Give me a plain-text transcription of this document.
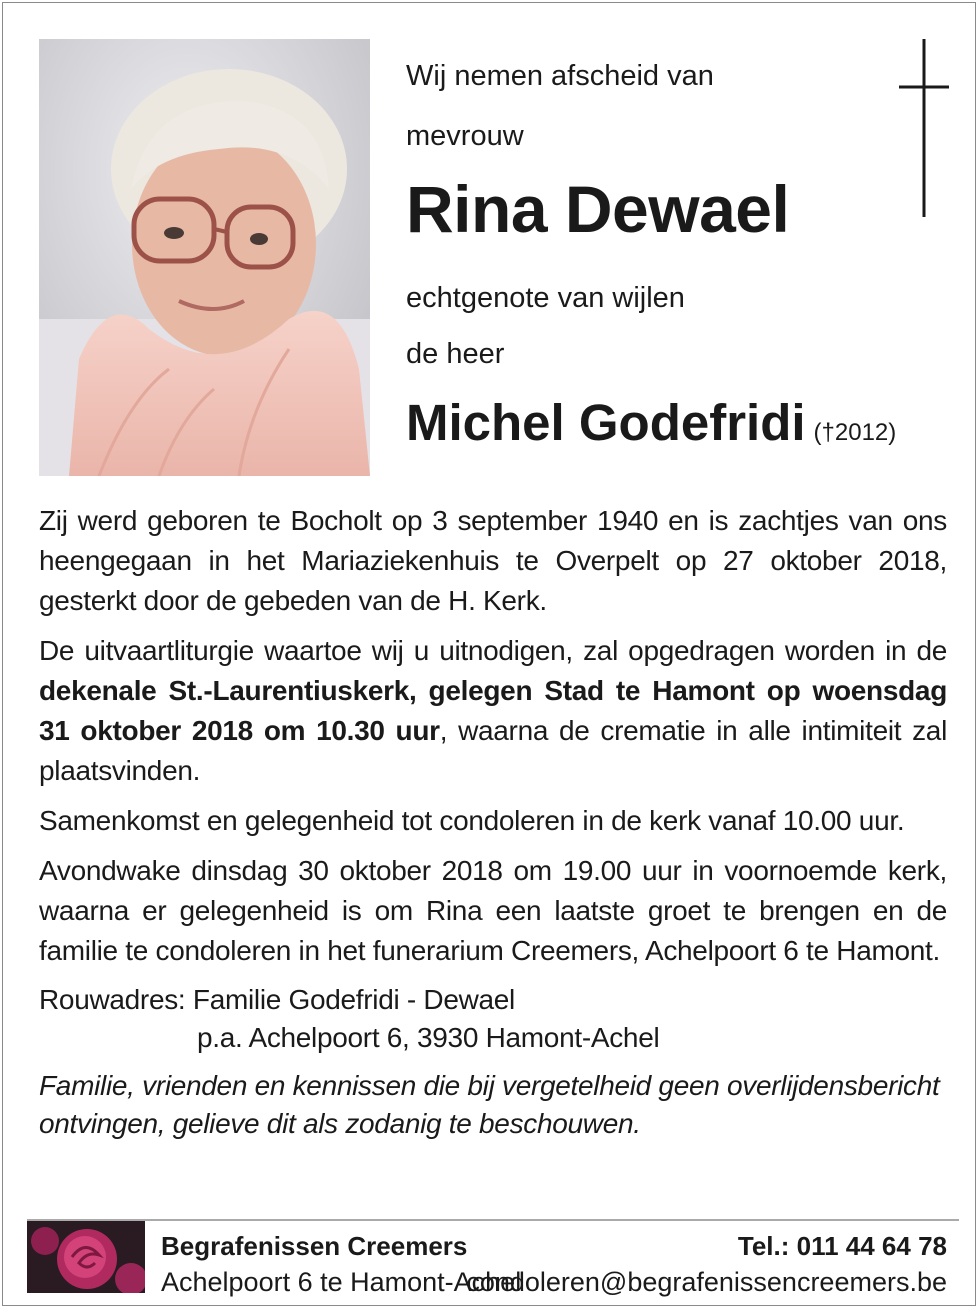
Wij nemen afscheid van
mevrouw
Rina Dewael
echtgenote van wijlen
de heer
Michel Godefridi (†2012)

Zij werd geboren te Bocholt op 3 september 1940 en is zachtjes van ons heengegaan in het Mariaziekenhuis te Overpelt op 27 oktober 2018, gesterkt door de gebeden van de H. Kerk.

De uitvaartliturgie waartoe wij u uitnodigen, zal opgedragen worden in de dekenale St.-Laurentiuskerk, gelegen Stad te Hamont op woensdag 31 oktober 2018 om 10.30 uur, waarna de crematie in alle intimiteit zal plaatsvinden.

Samenkomst en gelegenheid tot condoleren in de kerk vanaf 10.00 uur.

Avondwake dinsdag 30 oktober 2018 om 19.00 uur in voornoemde kerk, waarna er gelegenheid is om Rina een laatste groet te brengen en de familie te condoleren in het funerarium Creemers, Achelpoort 6 te Hamont.

Rouwadres: Familie Godefridi - Dewael

p.a. Achelpoort 6, 3930 Hamont-Achel

Familie, vrienden en kennissen die bij vergetelheid geen overlijdensbericht ontvingen, gelieve dit als zodanig te beschouwen.

Begrafenissen Creemers
Achelpoort 6 te Hamont-Achel
Tel.: 011 44 64 78
condoleren@begrafenissencreemers.be
